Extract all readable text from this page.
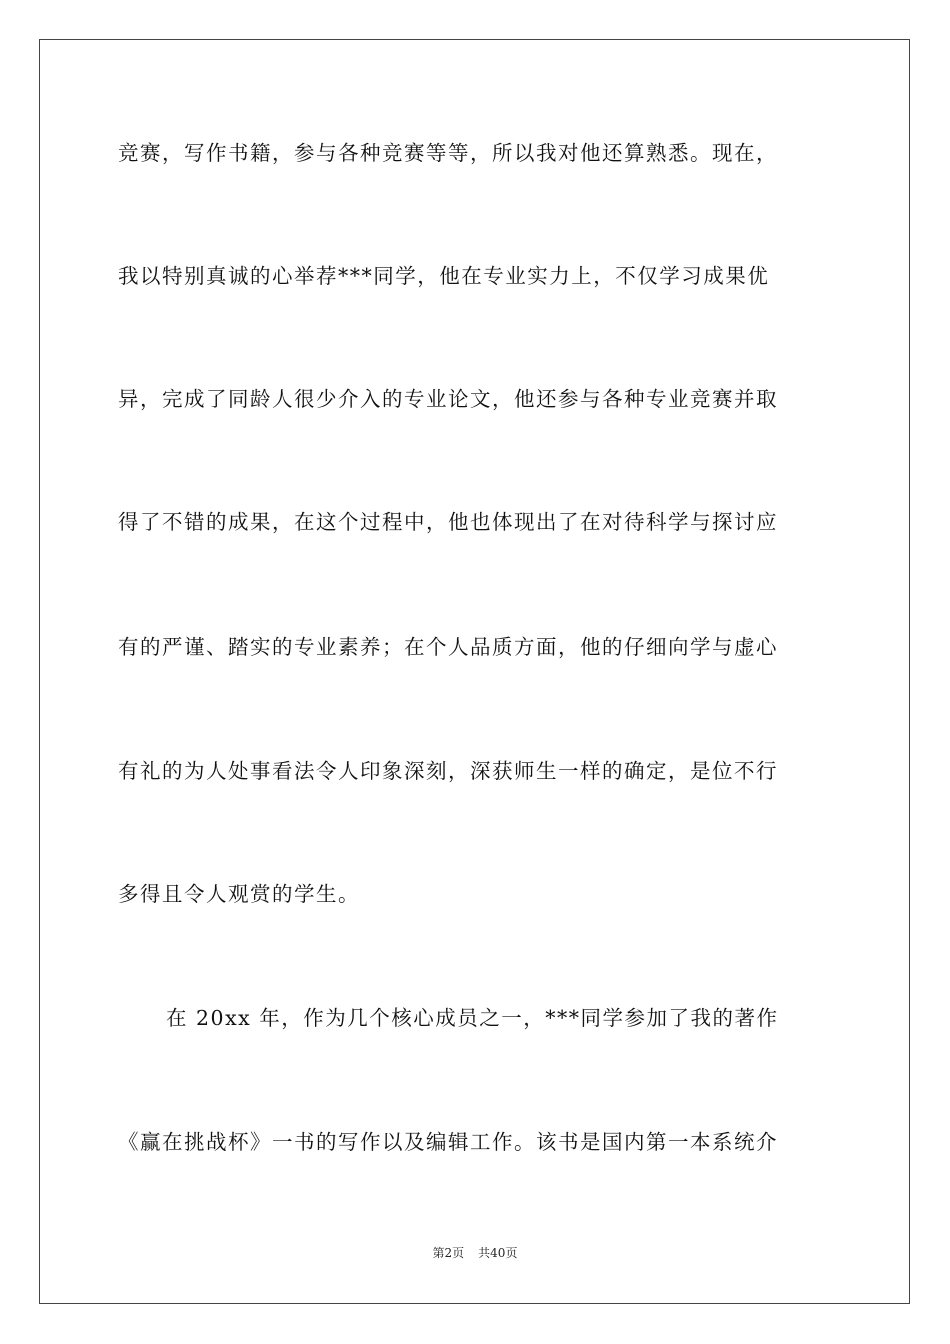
竞赛，写作书籍，参与各种竞赛等等，所以我对他还算熟悉。现在，
我以特别真诚的心举荐***同学，他在专业实力上，不仅学习成果优
异，完成了同龄人很少介入的专业论文，他还参与各种专业竞赛并取
得了不错的成果，在这个过程中，他也体现出了在对待科学与探讨应
有的严谨、踏实的专业素养；在个人品质方面，他的仔细向学与虚心
有礼的为人处事看法令人印象深刻，深获师生一样的确定，是位不行
多得且令人观赏的学生。
在 20xx 年，作为几个核心成员之一，***同学参加了我的著作
《赢在挑战杯》一书的写作以及编辑工作。该书是国内第一本系统介
第2页 共40页
